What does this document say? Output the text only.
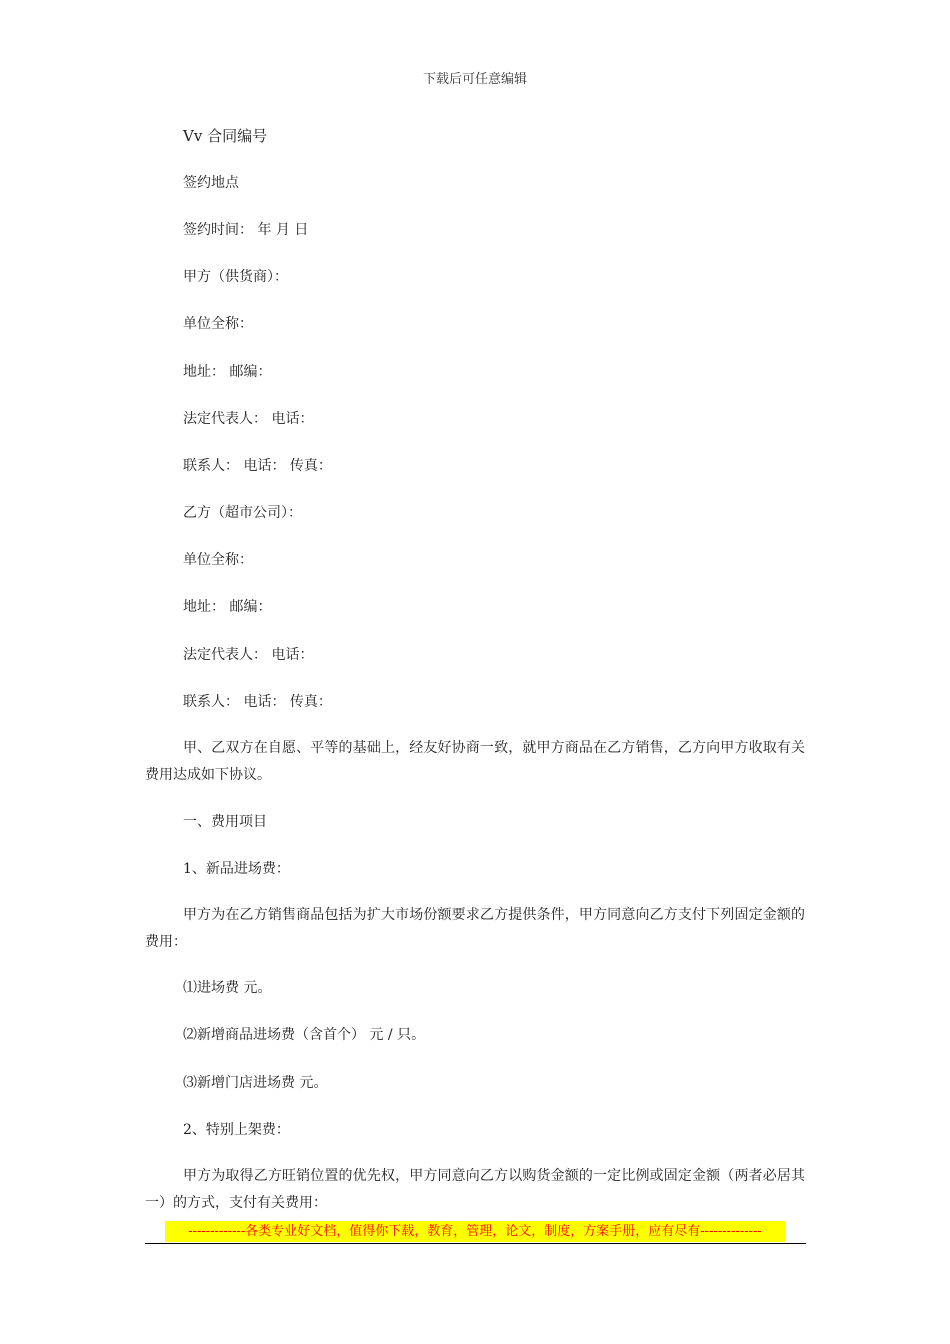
下载后可任意编辑
Vv 合同编号
签约地点
签约时间： 年 月 日
甲方（供货商）：
单位全称：
地址： 邮编：
法定代表人： 电话：
联系人： 电话： 传真：
乙方（超市公司）：
单位全称：
地址： 邮编：
法定代表人： 电话：
联系人： 电话： 传真：
甲、乙双方在自愿、平等的基础上，经友好协商一致，就甲方商品在乙方销售，乙方向甲方收取有关费用达成如下协议。
一、费用项目
1、新品进场费：
甲方为在乙方销售商品包括为扩大市场份额要求乙方提供条件，甲方同意向乙方支付下列固定金额的费用：
⑴进场费 元。
⑵新增商品进场费（含首个） 元 / 只。
⑶新增门店进场费 元。
2、特别上架费：
甲方为取得乙方旺销位置的优先权，甲方同意向乙方以购货金额的一定比例或固定金额（两者必居其一）的方式，支付有关费用：
-------------各类专业好文档，值得你下载，教育，管理，论文，制度，方案手册，应有尽有--------------
